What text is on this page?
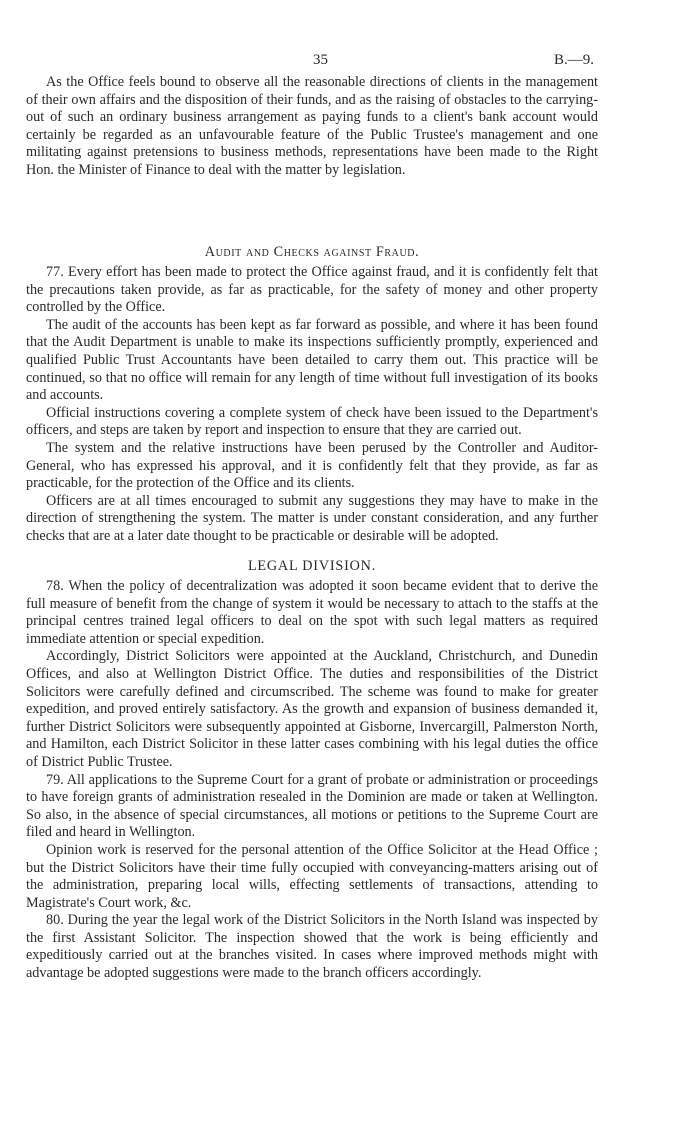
35	B.—9.

As the Office feels bound to observe all the reasonable directions of clients in the management of their own affairs and the disposition of their funds, and as the raising of obstacles to the carrying-out of such an ordinary business arrangement as paying funds to a client's bank account would certainly be regarded as an unfavourable feature of the Public Trustee's management and one militating against pretensions to business methods, representations have been made to the Right Hon. the Minister of Finance to deal with the matter by legislation.

Audit and Checks against Fraud.

77. Every effort has been made to protect the Office against fraud, and it is confidently felt that the precautions taken provide, as far as practicable, for the safety of money and other property controlled by the Office.

The audit of the accounts has been kept as far forward as possible, and where it has been found that the Audit Department is unable to make its inspections sufficiently promptly, experienced and qualified Public Trust Accountants have been detailed to carry them out. This practice will be continued, so that no office will remain for any length of time without full investigation of its books and accounts.

Official instructions covering a complete system of check have been issued to the Department's officers, and steps are taken by report and inspection to ensure that they are carried out.

The system and the relative instructions have been perused by the Controller and Auditor-General, who has expressed his approval, and it is confidently felt that they provide, as far as practicable, for the protection of the Office and its clients.

Officers are at all times encouraged to submit any suggestions they may have to make in the direction of strengthening the system. The matter is under constant consideration, and any further checks that are at a later date thought to be practicable or desirable will be adopted.

LEGAL DIVISION.

78. When the policy of decentralization was adopted it soon became evident that to derive the full measure of benefit from the change of system it would be necessary to attach to the staffs at the principal centres trained legal officers to deal on the spot with such legal matters as required immediate attention or special expedition.

Accordingly, District Solicitors were appointed at the Auckland, Christchurch, and Dunedin Offices, and also at Wellington District Office. The duties and responsibilities of the District Solicitors were carefully defined and circumscribed. The scheme was found to make for greater expedition, and proved entirely satisfactory. As the growth and expansion of business demanded it, further District Solicitors were subsequently appointed at Gisborne, Invercargill, Palmerston North, and Hamilton, each District Solicitor in these latter cases combining with his legal duties the office of District Public Trustee.

79. All applications to the Supreme Court for a grant of probate or administration or proceedings to have foreign grants of administration resealed in the Dominion are made or taken at Wellington. So also, in the absence of special circumstances, all motions or petitions to the Supreme Court are filed and heard in Wellington.

Opinion work is reserved for the personal attention of the Office Solicitor at the Head Office ; but the District Solicitors have their time fully occupied with conveyancing-matters arising out of the administration, preparing local wills, effecting settlements of transactions, attending to Magistrate's Court work, &c.

80. During the year the legal work of the District Solicitors in the North Island was inspected by the first Assistant Solicitor. The inspection showed that the work is being efficiently and expeditiously carried out at the branches visited. In cases where improved methods might with advantage be adopted suggestions were made to the branch officers accordingly.
